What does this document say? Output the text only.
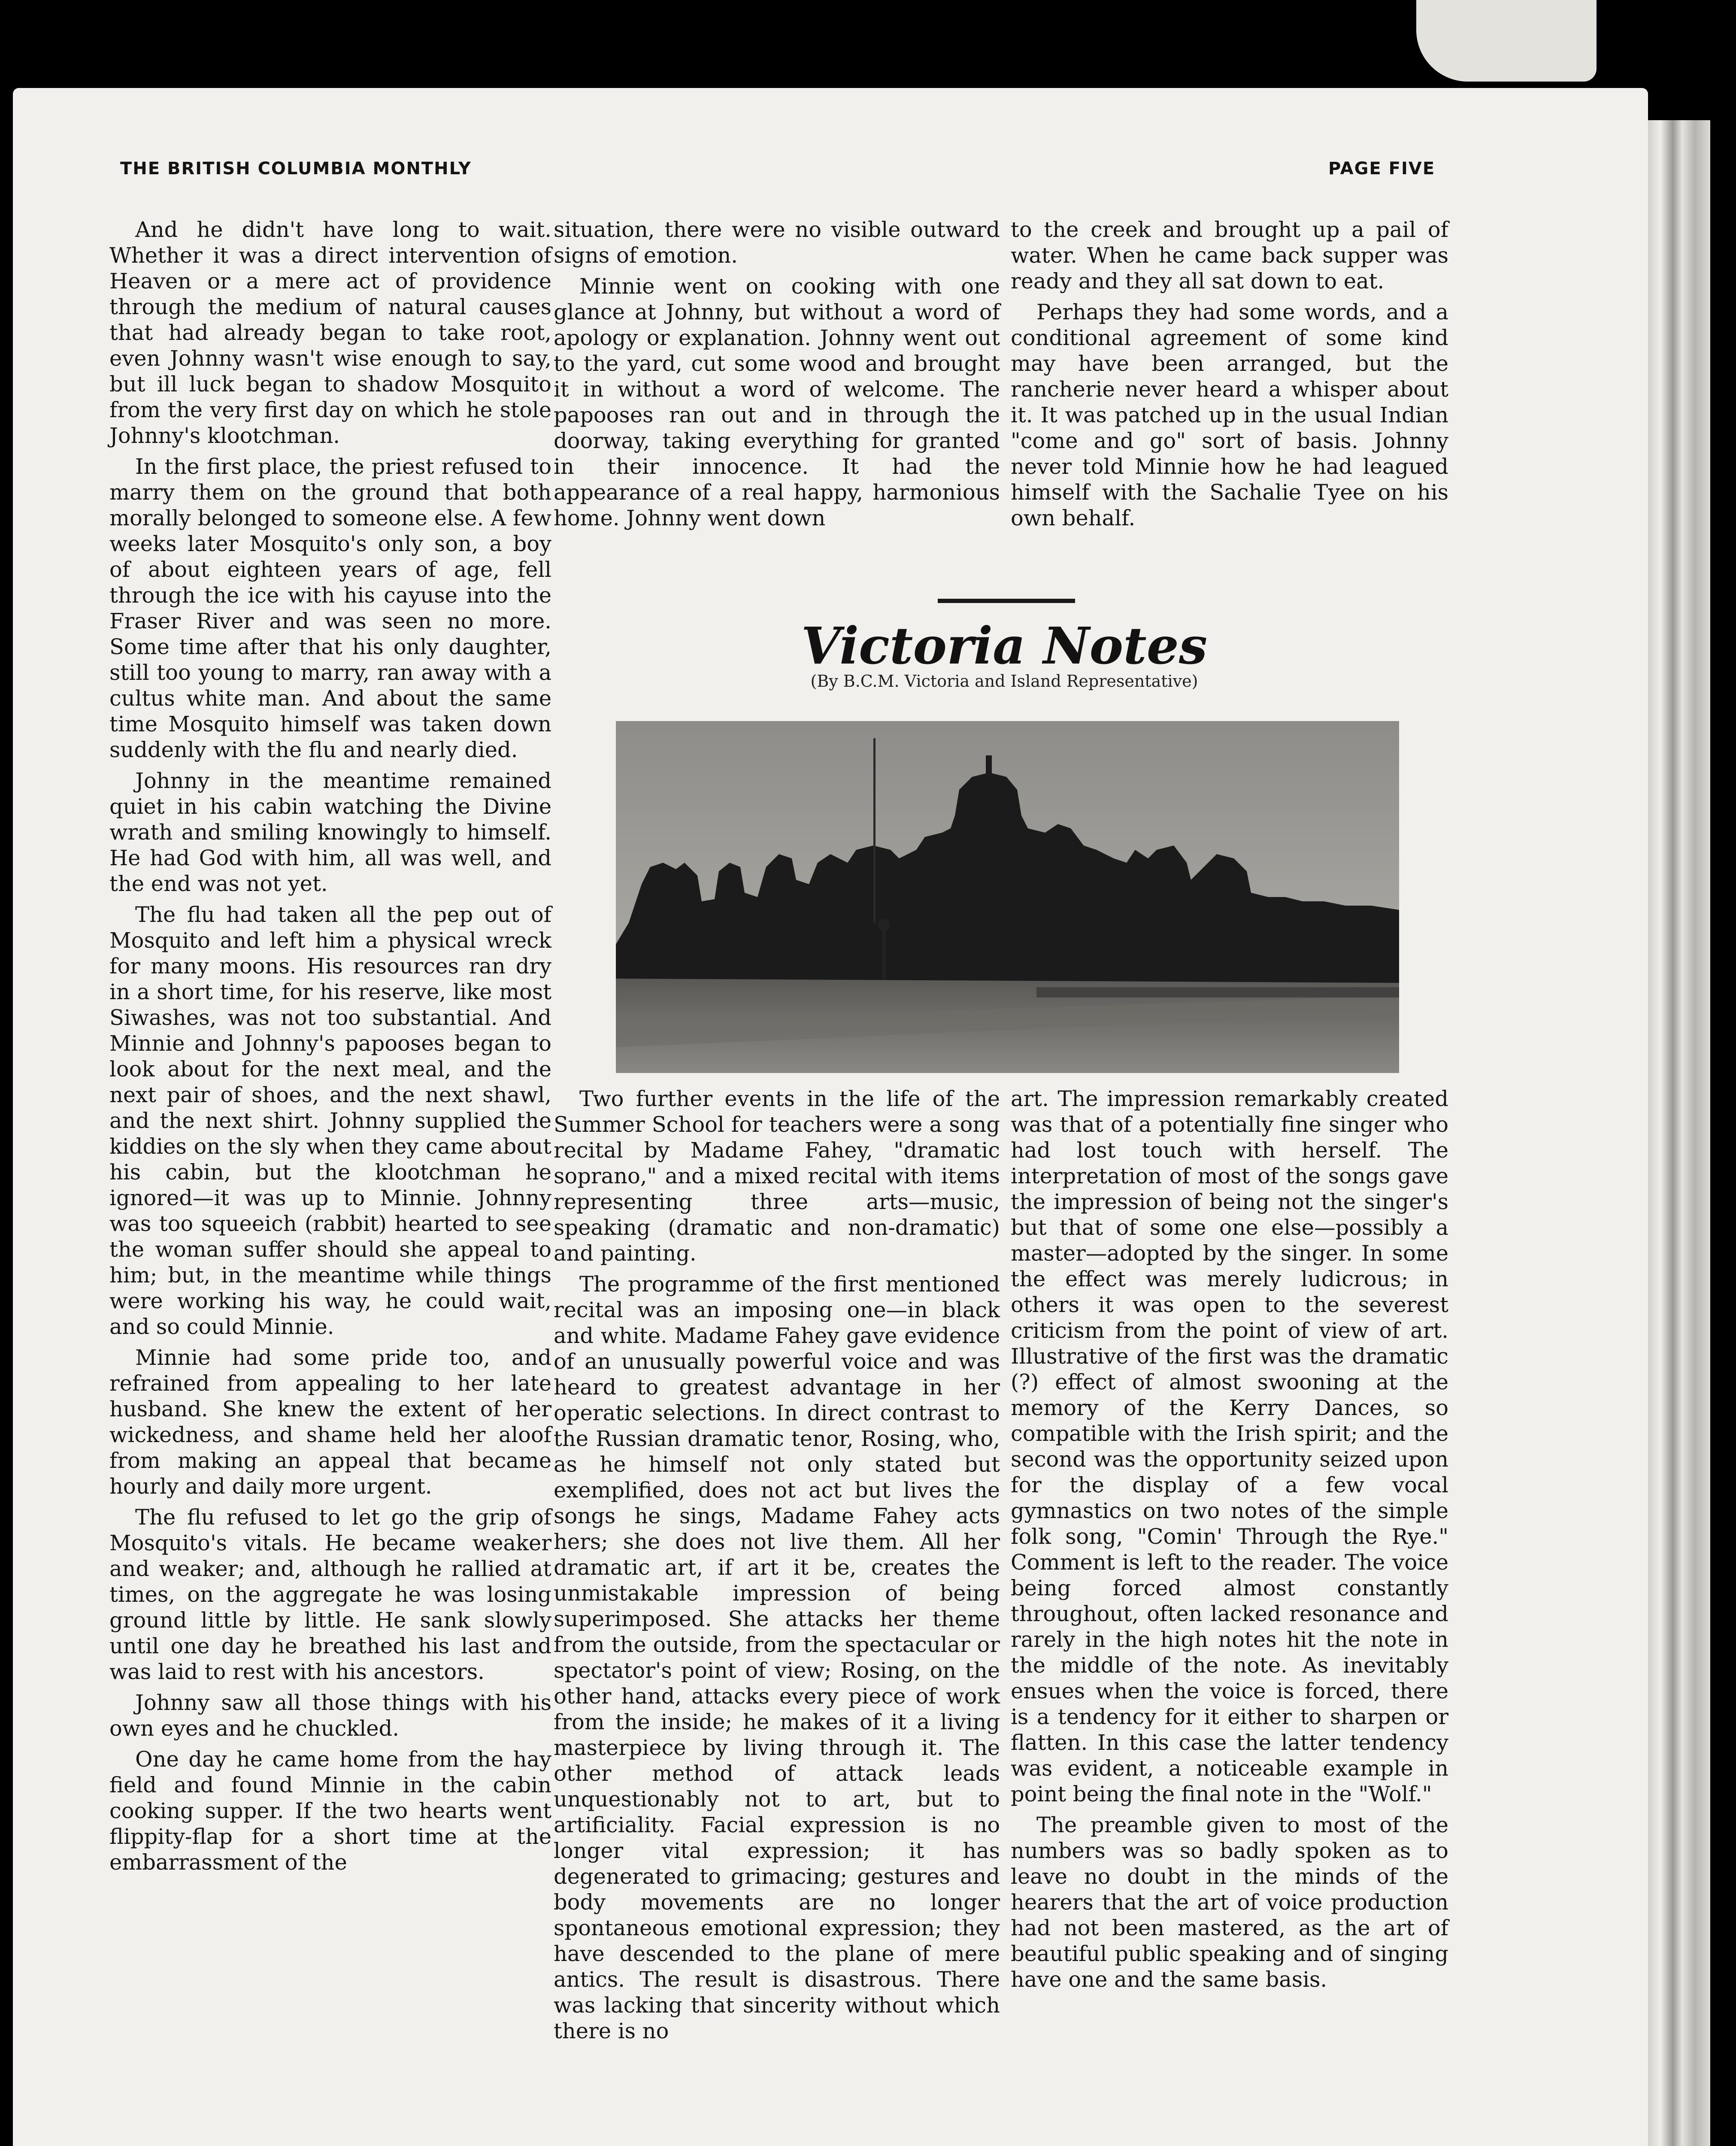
THE BRITISH COLUMBIA MONTHLY	PAGE FIVE

And he didn't have long to wait. Whether it was a direct intervention of Heaven or a mere act of providence through the medium of natural causes that had already began to take root, even Johnny wasn't wise enough to say, but ill luck began to shadow Mosquito from the very first day on which he stole Johnny's klootchman.

In the first place, the priest refused to marry them on the ground that both morally belonged to someone else. A few weeks later Mosquito's only son, a boy of about eighteen years of age, fell through the ice with his cayuse into the Fraser River and was seen no more. Some time after that his only daughter, still too young to marry, ran away with a cultus white man. And about the same time Mosquito himself was taken down suddenly with the flu and nearly died.

Johnny in the meantime remained quiet in his cabin watching the Divine wrath and smiling knowingly to himself. He had God with him, all was well, and the end was not yet.

The flu had taken all the pep out of Mosquito and left him a physical wreck for many moons. His resources ran dry in a short time, for his reserve, like most Siwashes, was not too substantial. And Minnie and Johnny's papooses began to look about for the next meal, and the next pair of shoes, and the next shawl, and the next shirt. Johnny supplied the kiddies on the sly when they came about his cabin, but the klootchman he ignored—it was up to Minnie. Johnny was too squeeich (rabbit) hearted to see the woman suffer should she appeal to him; but, in the meantime while things were working his way, he could wait, and so could Minnie.

Minnie had some pride too, and refrained from appealing to her late husband. She knew the extent of her wickedness, and shame held her aloof from making an appeal that became hourly and daily more urgent.

The flu refused to let go the grip of Mosquito's vitals. He became weaker and weaker; and, although he rallied at times, on the aggregate he was losing ground little by little. He sank slowly until one day he breathed his last and was laid to rest with his ancestors.

Johnny saw all those things with his own eyes and he chuckled.

One day he came home from the hay field and found Minnie in the cabin cooking supper. If the two hearts went flippity-flap for a short time at the embarrassment of the

situation, there were no visible outward signs of emotion.

Minnie went on cooking with one glance at Johnny, but without a word of apology or explanation. Johnny went out to the yard, cut some wood and brought it in without a word of welcome. The papooses ran out and in through the doorway, taking everything for granted in their innocence. It had the appearance of a real happy, harmonious home. Johnny went down

to the creek and brought up a pail of water. When he came back supper was ready and they all sat down to eat.

Perhaps they had some words, and a conditional agreement of some kind may have been arranged, but the rancherie never heard a whisper about it. It was patched up in the usual Indian "come and go" sort of basis. Johnny never told Minnie how he had leagued himself with the Sachalie Tyee on his own behalf.

Victoria Notes
(By B.C.M. Victoria and Island Representative)

Two further events in the life of the Summer School for teachers were a song recital by Madame Fahey, "dramatic soprano," and a mixed recital with items representing three arts—music, speaking (dramatic and non-dramatic) and painting.

The programme of the first mentioned recital was an imposing one—in black and white. Madame Fahey gave evidence of an unusually powerful voice and was heard to greatest advantage in her operatic selections. In direct contrast to the Russian dramatic tenor, Rosing, who, as he himself not only stated but exemplified, does not act but lives the songs he sings, Madame Fahey acts hers; she does not live them. All her dramatic art, if art it be, creates the unmistakable impression of being superimposed. She attacks her theme from the outside, from the spectacular or spectator's point of view; Rosing, on the other hand, attacks every piece of work from the inside; he makes of it a living masterpiece by living through it. The other method of attack leads unquestionably not to art, but to artificiality. Facial expression is no longer vital expression; it has degenerated to grimacing; gestures and body movements are no longer spontaneous emotional expression; they have descended to the plane of mere antics. The result is disastrous. There was lacking that sincerity without which there is no

art. The impression remarkably created was that of a potentially fine singer who had lost touch with herself. The interpretation of most of the songs gave the impression of being not the singer's but that of some one else—possibly a master—adopted by the singer. In some the effect was merely ludicrous; in others it was open to the severest criticism from the point of view of art. Illustrative of the first was the dramatic (?) effect of almost swooning at the memory of the Kerry Dances, so compatible with the Irish spirit; and the second was the opportunity seized upon for the display of a few vocal gymnastics on two notes of the simple folk song, "Comin' Through the Rye." Comment is left to the reader. The voice being forced almost constantly throughout, often lacked resonance and rarely in the high notes hit the note in the middle of the note. As inevitably ensues when the voice is forced, there is a tendency for it either to sharpen or flatten. In this case the latter tendency was evident, a noticeable example in point being the final note in the "Wolf."

The preamble given to most of the numbers was so badly spoken as to leave no doubt in the minds of the hearers that the art of voice production had not been mastered, as the art of beautiful public speaking and of singing have one and the same basis.
